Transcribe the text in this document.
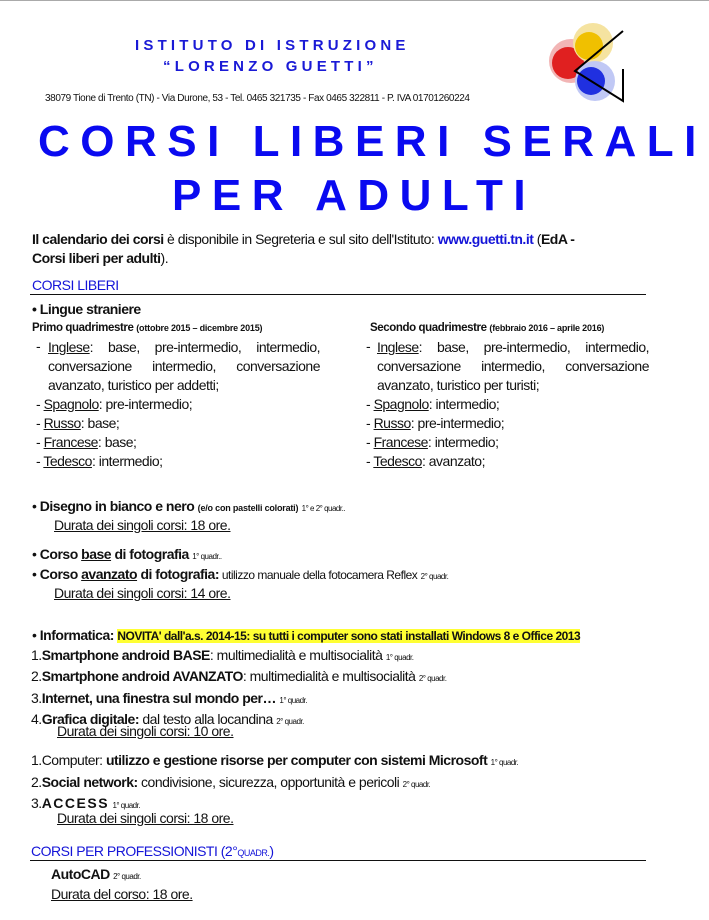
ISTITUTO DI ISTRUZIONE
“LORENZO GUETTI”
38079 Tione di Trento (TN) - Via Durone, 53 - Tel. 0465 321735 - Fax 0465 322811 - P. IVA 01701260224
CORSI LIBERI SERALI
PER ADULTI
Il calendario dei corsi è disponibile in Segreteria e sul sito dell'Istituto: www.guetti.tn.it (EdA -
Corsi liberi per adulti).
CORSI LIBERI
• Lingue straniere
Primo quadrimestre (ottobre 2015 – dicembre 2015)	Secondo quadrimestre (febbraio 2016 – aprile 2016)
- Inglese: base, pre-intermedio, intermedio, conversazione intermedio, conversazione avanzato, turistico per addetti;
- Spagnolo: pre-intermedio;
- Russo: base;
- Francese: base;
- Tedesco: intermedio;
- Inglese: base, pre-intermedio, intermedio, conversazione intermedio, conversazione avanzato, turistico per turisti;
- Spagnolo: intermedio;
- Russo: pre-intermedio;
- Francese: intermedio;
- Tedesco: avanzato;
• Disegno in bianco e nero (e/o con pastelli colorati) 1° e 2° quadr..
Durata dei singoli corsi: 18 ore.
• Corso base di fotografia 1° quadr..
• Corso avanzato di fotografia: utilizzo manuale della fotocamera Reflex 2° quadr.
Durata dei singoli corsi: 14 ore.
• Informatica: NOVITA' dall'a.s. 2014-15: su tutti i computer sono stati installati Windows 8 e Office 2013
1.Smartphone android BASE: multimedialità e multisocialità 1° quadr.
2.Smartphone android AVANZATO: multimedialità e multisocialità 2° quadr.
3.Internet, una finestra sul mondo per… 1° quadr.
4.Grafica digitale: dal testo alla locandina 2° quadr.
Durata dei singoli corsi: 10 ore.
1.Computer: utilizzo e gestione risorse per computer con sistemi Microsoft 1° quadr.
2.Social network: condivisione, sicurezza, opportunità e pericoli 2° quadr.
3.ACCESS 1° quadr.
Durata dei singoli corsi: 18 ore.
CORSI PER PROFESSIONISTI (2°QUADR.)
AutoCAD 2° quadr.
Durata del corso: 18 ore.
